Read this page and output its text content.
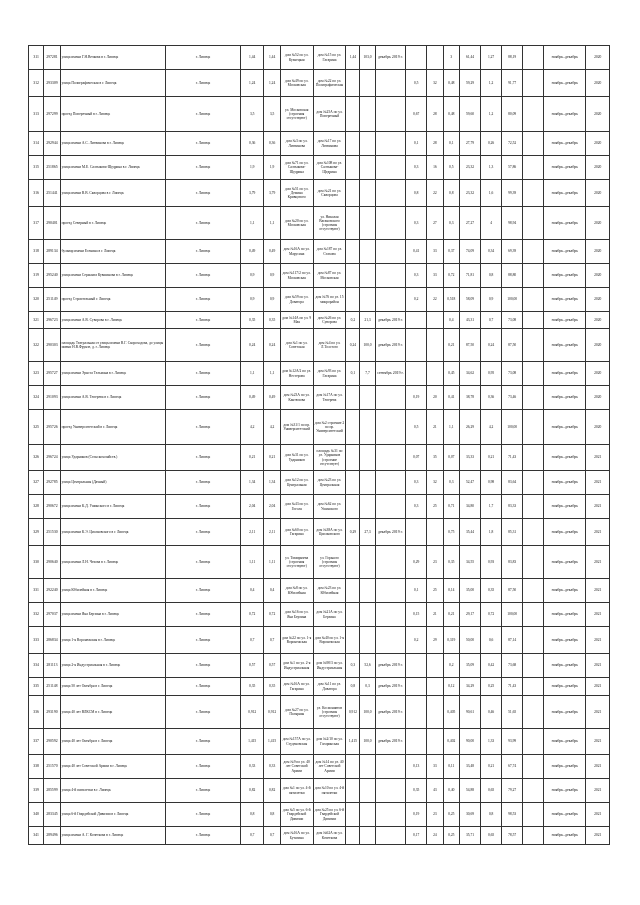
311	297281	улица имени Г.Н.Вечкова в г. Липецк	г. Липецк	1,44	1,44	дом №52 по ул. Кузнецкая	дом №15 по ул. Гагарина	1,44	103,0	декабрь 2019 г.			3	61,44	1,27	88,19		ноябрь–декабрь	2020
312	293309	улица Полиграфическая в г. Липецк	г. Липецк	1,24	1,24	дом №49 по ул. Московская	дом №22 по ул. Полиграфическая				0,5	32	0,48	59,29	1,2	91,77		ноябрь–декабрь	2020
313	297299	проезд Поперечный в г. Липецк	г. Липецк	3,5	3,5	ул. Московская (строения отсутствуют)	дом №25А по ул. Поперечный				0,67	28	0,48	59,60	1,2	80,09		ноябрь–декабрь	2020
314	292944	улица имени А.С. Литвинова в г. Липецк	г. Липецк	0,36	0,36	дом №3 по ул. Литвинова	дом №17 по ул. Литвинова				0,1	28	0,1	27,79	0,26	72,52		ноябрь–декабрь	2020
315	251865	улица имени М.Е. Салтыкова-Щедрина в г. Липецк	г. Липецк	1,9	1,9	дом №71 по ул. Салтыкова-Щедрина	дом №108 по ул. Салтыкова-Щедрина				0,3	16	0,5	23,32	1,3	57,86		ноябрь–декабрь	2020
316	251441	улица имени В.В. Скворцова в г. Липецк	г. Липецк	3,79	3,79	дом №51 по ул. Демина Кривцового	дом №21 по ул. Скворцова				0,8	22	0,8	23,32	1,6	99,39		ноябрь–декабрь	2020
317	290401	проезд Северный в г. Липецк	г. Липецк	1,1	1,1	дом №20 по ул. Московская	ул. Николая Вагановского (строения отсутствуют)				0,3	27	0,3	27,27	4	98,94		ноябрь–декабрь	2020
318	289134	бульвар имени Есенина в г. Липецк	г. Липецк	0,49	0,49	дом №16А по ул. Марусина	дом №187 по ул. Стахова				0,41	33	0,37	74,09	0,34	69,39		ноябрь–декабрь	2020
319	295240	улица имени Сержанта Кувшинова в г. Липецк	г. Липецк	0,9	0,9	дом №117/2 по ул. Московская	дом №87 по ул. Московская				0,3	33	0,72	71,81	0,8	88,80		ноябрь–декабрь	2020
320	251149	проезд Строительный г. Липецк	г. Липецк	0,9	0,9	дом №59 по ул. Доватора	дом №76 по ул. 15 микрорайон				0,2	22	0,518	58,09	0,9	100,00		ноябрь–декабрь	2020
321	296723	улица имени А.В. Суворова в г. Липецк	г. Липецк	0,35	0,35	дом №14А по ул. 9 Мая	дом №26 по ул. Суворова	0,2	21,3	декабрь 2019 г.			0,4	43,31	0,7	73,08		ноябрь–декабрь	2020
322	290303	площадь Театральная от улицы имени В.Г. Скороходова, до улицы имени Н.В.Фрунзе, д. г. Липецк	г. Липецк	0,24	0,24	дом №1 по ул. Советская	дом №4 по ул. Л.Толстого	0,24	100,0	декабрь 2019 г.			0,21	87,50	0,24	87,50		ноябрь–декабрь	2020
323	295727	улица имени Эрнста Тельмана в г. Липецк	г. Липецк	1,1	1,1	дом №12А/2 по ул. Нестерова	дом №93 по ул. Гагарина	0,1	7,7	сентябрь 2019 г.			0,45	34,62	0,95	73,08		ноябрь–декабрь	2020
324	291093	улица имени А.В. Теперева в г. Липецк	г. Липецк	0,49	0,49	дом №23А по ул. Кантюхова	дом №17А по ул. Теперева				0,19	20	0,41	38,78	0,36	73,46		ноябрь–декабрь	2020
325	295726	проезд Университетский в г. Липецк	г. Липецк	4,2	4,2	дом №31/1 по пр. Университетский	дом №2 строение 2 по пр. Университетский				0,5	21	1,1	26,29	4,2	100,00		ноябрь–декабрь	2020
326	296724	улица Ударников (Сельскохозяйств.)	г. Липецк	0,21	0,21	дом №31 по ул. Ударников	площадь №31 по ул. Ударников (строение отсутствует)				0,07	35	0,07	33,33	0,21	71,43		ноябрь–декабрь	2021
327	292785	улица Центральная (Дачный)	г. Липецк	1,34	1,34	дом №12 по ул. Центральная	дом №23 по ул. Центральная				0,3	32	0,3	52,47	0,98	83,64		ноябрь–декабрь	2021
328	290672	улица имени К.Д. Ушинского в г. Липецк	г. Липецк	2,04	2,04	дом №43 по ул. Гоголя	дом №62 по ул. Ушинского				0,3	25	0,71	34,80	1,7	83,33		ноябрь–декабрь	2021
329	251530	улица имени К.Э. Циолковского в г. Липецк	г. Липецк	2,11	2,11	дом №60 по ул. Гагарина	дом №38А по ул. Циолковского	0,29	27,3	декабрь 2019 г.			0,75	35,44	1,8	85,31		ноябрь–декабрь	2021
330	290640	улица имени Л.Н. Чехова в г. Липецк	г. Липецк	1,11	1,11	ул. Тимирязева (строения отсутствуют)	ул. Горького (строения отсутствуют)				0,29	23	0,35	34,55	0,93	83,83		ноябрь–декабрь	2021
331	292240	улица Юбилейная в г. Липецк	г. Липецк	0,4	0,4	дом №8 по ул. Юбилейная	дом №23 по ул. Юбилейная				0,1	25	0,14	35,00	0,35	87,50		ноябрь–декабрь	2021
332	297037	улица имени Яна Берзина в г. Липецк	г. Липецк	0,72	0,72	дом №16 по ул. Яна Берзина	дом №21А по ул. Берзина				0,15	21	0,21	29,17	0,72	100,00		ноябрь–декабрь	2021
333	286834	улица 1-я Воронежская в г. Липецк	г. Липецк	0,7	0,7	дом №22 по ул. 1-я Воронежская	дом №40 по ул. 1-я Воронежская				0,2	29	0,319	50,00	0,6	87,14		ноябрь–декабрь	2021
334	281113	улица 2-я Индустриальная в г. Липецк	г. Липецк	0,57	0,57	дом №1 по ул. 2-я Индустриальная	дом №90/3 по ул. Индустриальная	0,3	52,6	декабрь 2019 г.			0,2	35,09	0,42	73,68		ноябрь–декабрь	2021
335	251148	улица 50 лет Октября в г. Липецк	г. Липецк	0,35	0,35	дом №16А по ул. Гагарина	дом №11 по ул. Доватора	0,8	0,3	декабрь 2019 г.			0,12	34,29	0,25	71,43		ноябрь–декабрь	2021
336	293190	улица 40 лет ВЛКСМ в г. Липецк	г. Липецк	0,912	0,912	дом №27 по ул. Полярная	ул. Космонавтов (строения отсутствуют)	0,912	100,0	декабрь 2019 г.			0,405	90,61	0,46	51,65		ноябрь–декабрь	2021
337	290592	улица 40 лет Октября в г. Липецк	г. Липецк	1,415	1,415	дом №157А по ул. Студеновская	дом №2/10 по ул. Гагаринская	1,415	100,0	декабрь 2019 г.			0,402	90,00	1,33	93,99		ноябрь–декабрь	2021
338	251570	улица 40 лет Советской Армии в г. Липецк	г. Липецк	0,33	0,33	дом №9 по ул. 40 лет Советской Армии	дом №14 по ул. 40 лет Советской Армии				0,13	33	0,11	33,48	0,21	67,74		ноябрь–декабрь	2021
339	285599	улица 4-й пятилетки в г. Липецк	г. Липецк	0,82	0,82	дом №1 по ул. 4-й пятилетки	дом №10 по ул. 4-й пятилетки				0,35	43	0,40	54,88	0,65	79,27		ноябрь–декабрь	2021
340	283345	улица 6-й Гвардейской Дивизии в г. Липецк	г. Липецк	0,8	0,8	дом №5 по ул. 6-й Гвардейской Дивизии	дом №25 по ул. 6-й Гвардейской Дивизии				0,19	23	0,25	30,69	0,8	98,53		ноябрь–декабрь	2021
341	289496	улица имени А. Г. Кочеткова в г. Липецк	г. Липецк	0,7	0,7	дом №16А по ул. Бутягина	дом №62А по ул. Кочеткова				0,17	24	0,25	35,71	0,65	78,57		ноябрь–декабрь	2021
